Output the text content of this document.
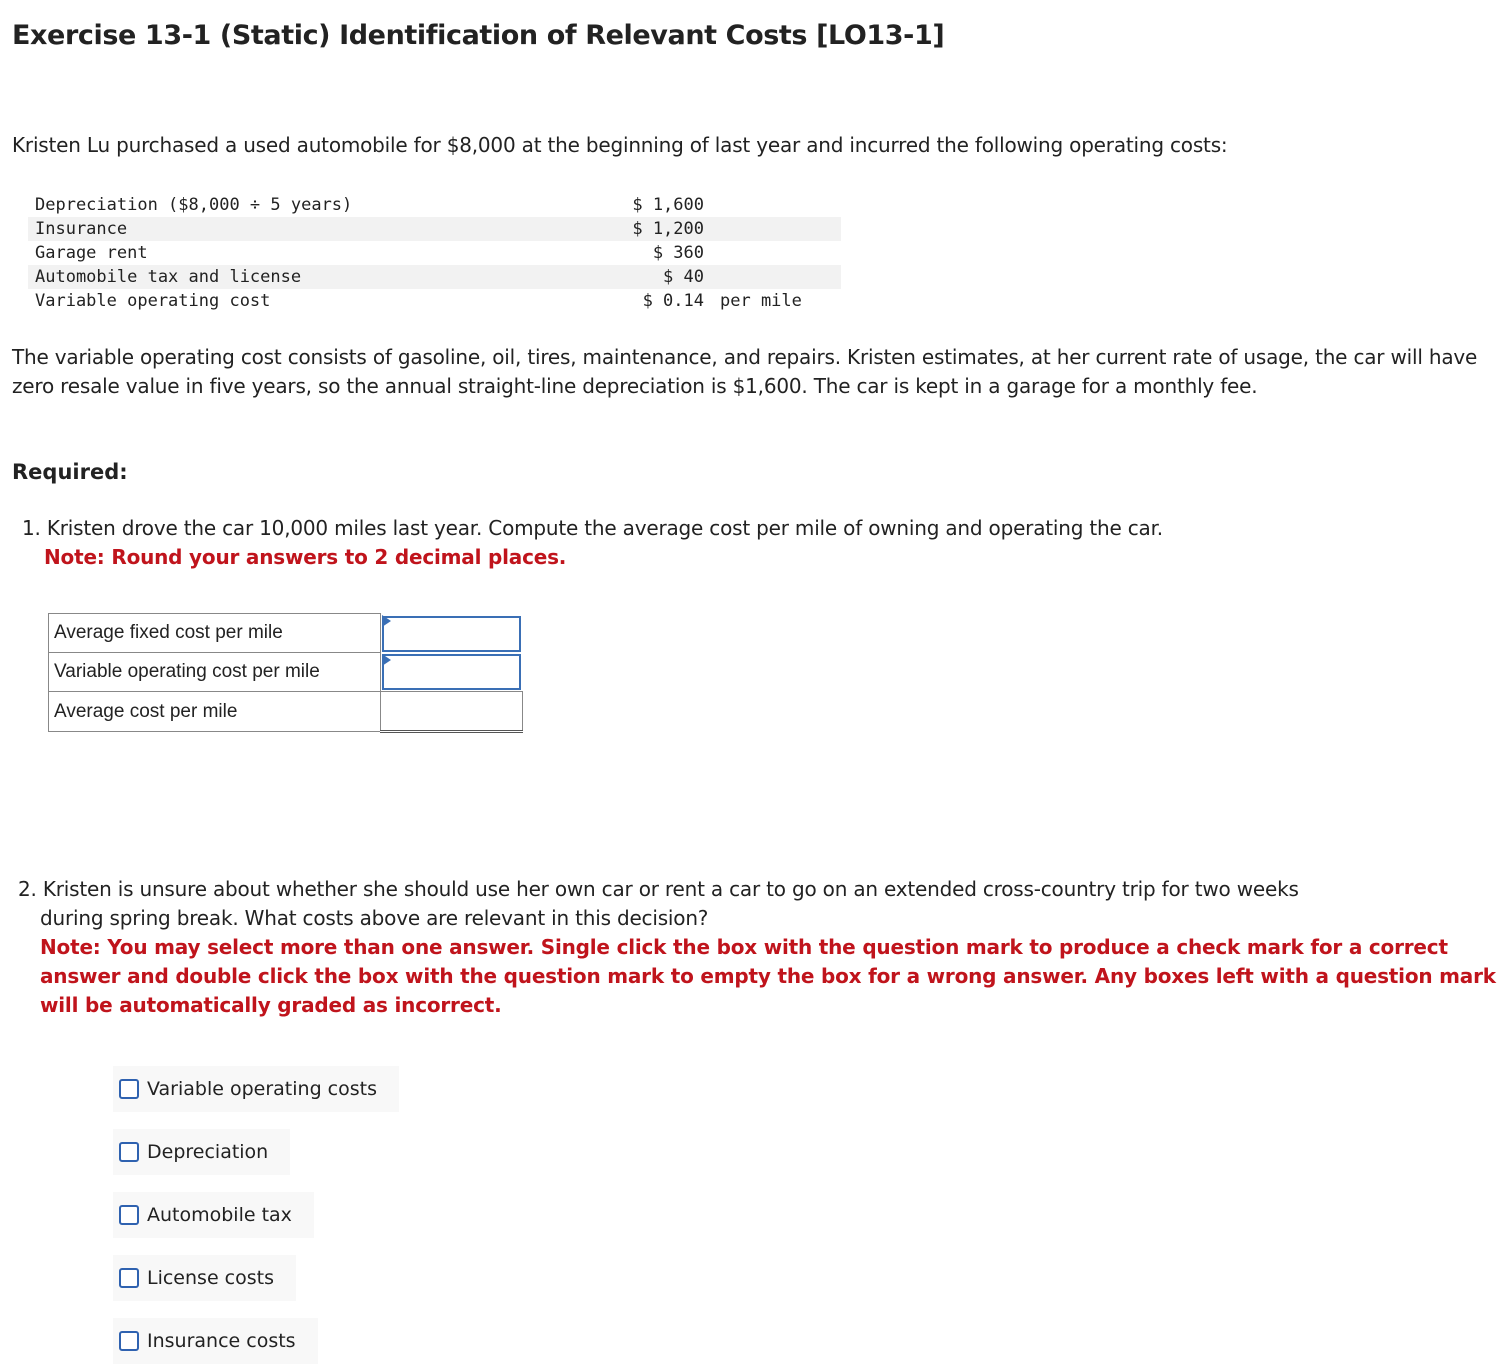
Exercise 13-1 (Static) Identification of Relevant Costs [LO13-1]
Kristen Lu purchased a used automobile for $8,000 at the beginning of last year and incurred the following operating costs:
Depreciation ($8,000 ÷ 5 years)	$ 1,600
Insurance	$ 1,200
Garage rent	$ 360
Automobile tax and license	$ 40
Variable operating cost	$ 0.14 per mile
The variable operating cost consists of gasoline, oil, tires, maintenance, and repairs. Kristen estimates, at her current rate of usage, the car will have zero resale value in five years, so the annual straight-line depreciation is $1,600. The car is kept in a garage for a monthly fee.
Required:
1. Kristen drove the car 10,000 miles last year. Compute the average cost per mile of owning and operating the car.
Note: Round your answers to 2 decimal places.
Average fixed cost per mile	

Variable operating cost per mile	

Average cost per mile	
2. Kristen is unsure about whether she should use her own car or rent a car to go on an extended cross-country trip for two weeks
during spring break. What costs above are relevant in this decision?
Note: You may select more than one answer. Single click the box with the question mark to produce a check mark for a correct answer and double click the box with the question mark to empty the box for a wrong answer. Any boxes left with a question mark will be automatically graded as incorrect.
Variable operating costs
Depreciation
Automobile tax
License costs
Insurance costs
